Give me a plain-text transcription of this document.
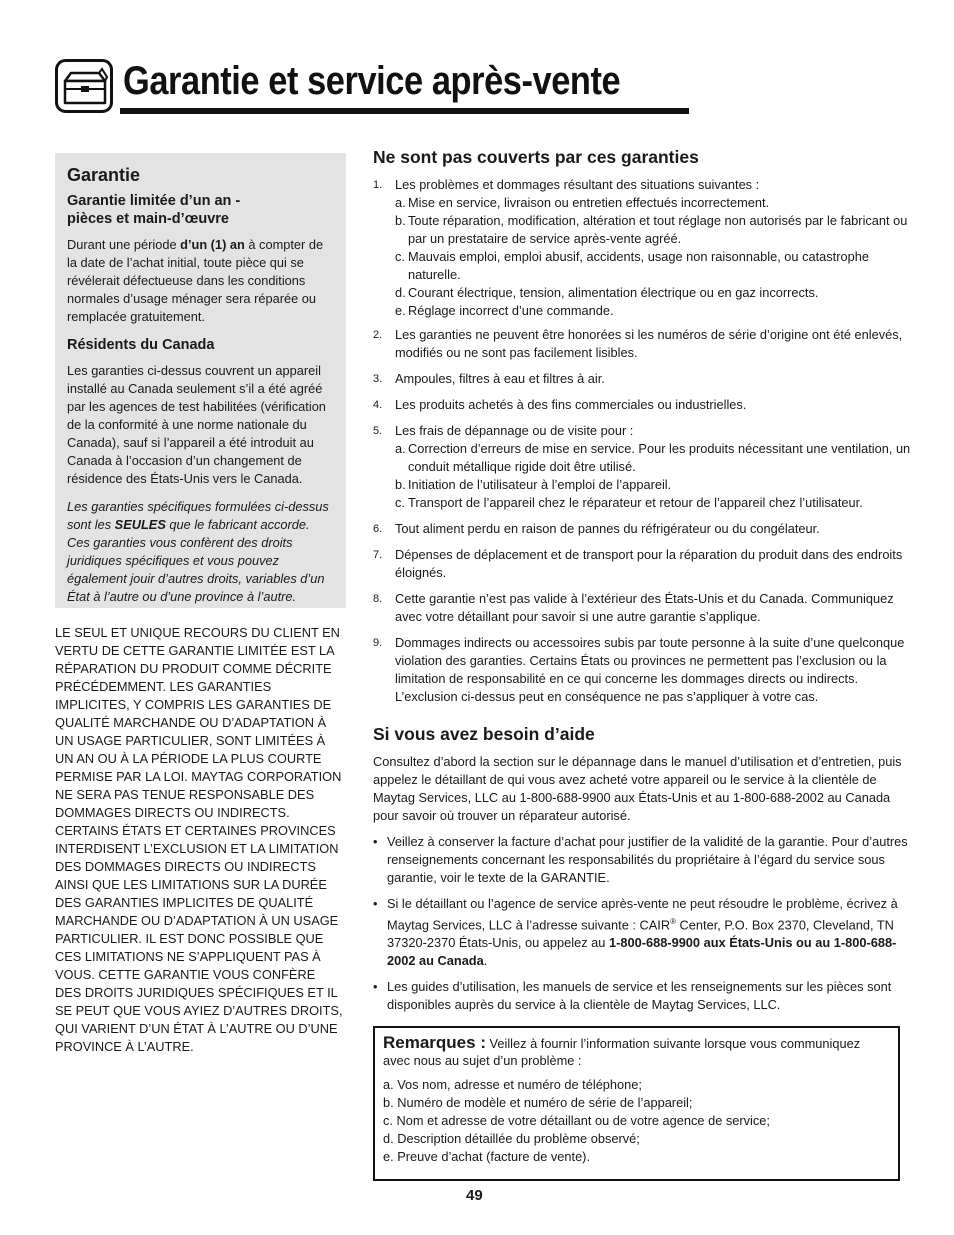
Garantie et service après-vente
Garantie
Garantie limitée d’un an - pièces et main-d’œuvre
Durant une période d’un (1) an à compter de la date de l’achat initial, toute pièce qui se révélerait défectueuse dans les conditions normales d’usage ménager sera réparée ou remplacée gratuitement.
Résidents du Canada
Les garanties ci-dessus couvrent un appareil installé au Canada seulement s’il a été agréé par les agences de test habilitées (vérification de la conformité à une norme nationale du Canada), sauf si l’appareil a été introduit au Canada à l’occasion d’un changement de résidence des États-Unis vers le Canada.
Les garanties spécifiques formulées ci-dessus sont les SEULES que le fabricant accorde. Ces garanties vous confèrent des droits juridiques spécifiques et vous pouvez également jouir d’autres droits, variables d’un État à l’autre ou d’une province à l’autre.
LE SEUL ET UNIQUE RECOURS DU CLIENT EN VERTU DE CETTE GARANTIE LIMITÉE EST LA RÉPARATION DU PRODUIT COMME DÉCRITE PRÉCÉDEMMENT. LES GARANTIES IMPLICITES, Y COMPRIS LES GARANTIES DE QUALITÉ MARCHANDE OU D’ADAPTATION À UN USAGE PARTICULIER, SONT LIMITÉES À UN AN OU À LA PÉRIODE LA PLUS COURTE PERMISE PAR LA LOI. MAYTAG CORPORATION NE SERA PAS TENUE RESPONSABLE DES DOMMAGES DIRECTS OU INDIRECTS. CERTAINS ÉTATS ET CERTAINES PROVINCES INTERDISENT L’EXCLUSION ET LA LIMITATION DES DOMMAGES DIRECTS OU INDIRECTS AINSI QUE LES LIMITATIONS SUR LA DURÉE DES GARANTIES IMPLICITES DE QUALITÉ MARCHANDE OU D’ADAPTATION À UN USAGE PARTICULIER. IL EST DONC POSSIBLE QUE CES LIMITATIONS NE S’APPLIQUENT PAS À VOUS. CETTE GARANTIE VOUS CONFÈRE DES DROITS JURIDIQUES SPÉCIFIQUES ET IL SE PEUT QUE VOUS AYIEZ D’AUTRES DROITS, QUI VARIENT D’UN ÉTAT À L’AUTRE OU D’UNE PROVINCE À L’AUTRE.
Ne sont pas couverts par ces garanties
1. Les problèmes et dommages résultant des situations suivantes :
a. Mise en service, livraison ou entretien effectués incorrectement.
b. Toute réparation, modification, altération et tout réglage non autorisés par le fabricant ou par un prestataire de service après-vente agréé.
c. Mauvais emploi, emploi abusif, accidents, usage non raisonnable, ou catastrophe naturelle.
d. Courant électrique, tension, alimentation électrique ou en gaz incorrects.
e. Réglage incorrect d’une commande.
2. Les garanties ne peuvent être honorées si les numéros de série d’origine ont été enlevés, modifiés ou ne sont pas facilement lisibles.
3. Ampoules, filtres à eau et filtres à air.
4. Les produits achetés à des fins commerciales ou industrielles.
5. Les frais de dépannage ou de visite pour :
a. Correction d’erreurs de mise en service. Pour les produits nécessitant une ventilation, un conduit métallique rigide doit être utilisé.
b. Initiation de l’utilisateur à l’emploi de l’appareil.
c. Transport de l’appareil chez le réparateur et retour de l’appareil chez l’utilisateur.
6. Tout aliment perdu en raison de pannes du réfrigérateur ou du congélateur.
7. Dépenses de déplacement et de transport pour la réparation du produit dans des endroits éloignés.
8. Cette garantie n’est pas valide à l’extérieur des États-Unis et du Canada. Communiquez avec votre détaillant pour savoir si une autre garantie s’applique.
9. Dommages indirects ou accessoires subis par toute personne à la suite d’une quelconque violation des garanties. Certains États ou provinces ne permettent pas l’exclusion ou la limitation de responsabilité en ce qui concerne les dommages directs ou indirects. L’exclusion ci-dessus peut en conséquence ne pas s’appliquer à votre cas.
Si vous avez besoin d’aide
Consultez d’abord la section sur le dépannage dans le manuel d’utilisation et d’entretien, puis appelez le détaillant de qui vous avez acheté votre appareil ou le service à la clientèle de Maytag Services, LLC au 1-800-688-9900 aux États-Unis et au 1-800-688-2002 au Canada pour savoir où trouver un réparateur autorisé.
• Veillez à conserver la facture d’achat pour justifier de la validité de la garantie. Pour d’autres renseignements concernant les responsabilités du propriétaire à l’égard du service sous garantie, voir le texte de la GARANTIE.
• Si le détaillant ou l’agence de service après-vente ne peut résoudre le problème, écrivez à Maytag Services, LLC à l’adresse suivante : CAIR® Center, P.O. Box 2370, Cleveland, TN 37320-2370 États-Unis, ou appelez au 1-800-688-9900 aux États-Unis ou au 1-800-688-2002 au Canada.
• Les guides d’utilisation, les manuels de service et les renseignements sur les pièces sont disponibles auprès du service à la clientèle de Maytag Services, LLC.
Remarques : Veillez à fournir l’information suivante lorsque vous communiquez avec nous au sujet d’un problème :
a. Vos nom, adresse et numéro de téléphone;
b. Numéro de modèle et numéro de série de l’appareil;
c. Nom et adresse de votre détaillant ou de votre agence de service;
d. Description détaillée du problème observé;
e. Preuve d’achat (facture de vente).
49
